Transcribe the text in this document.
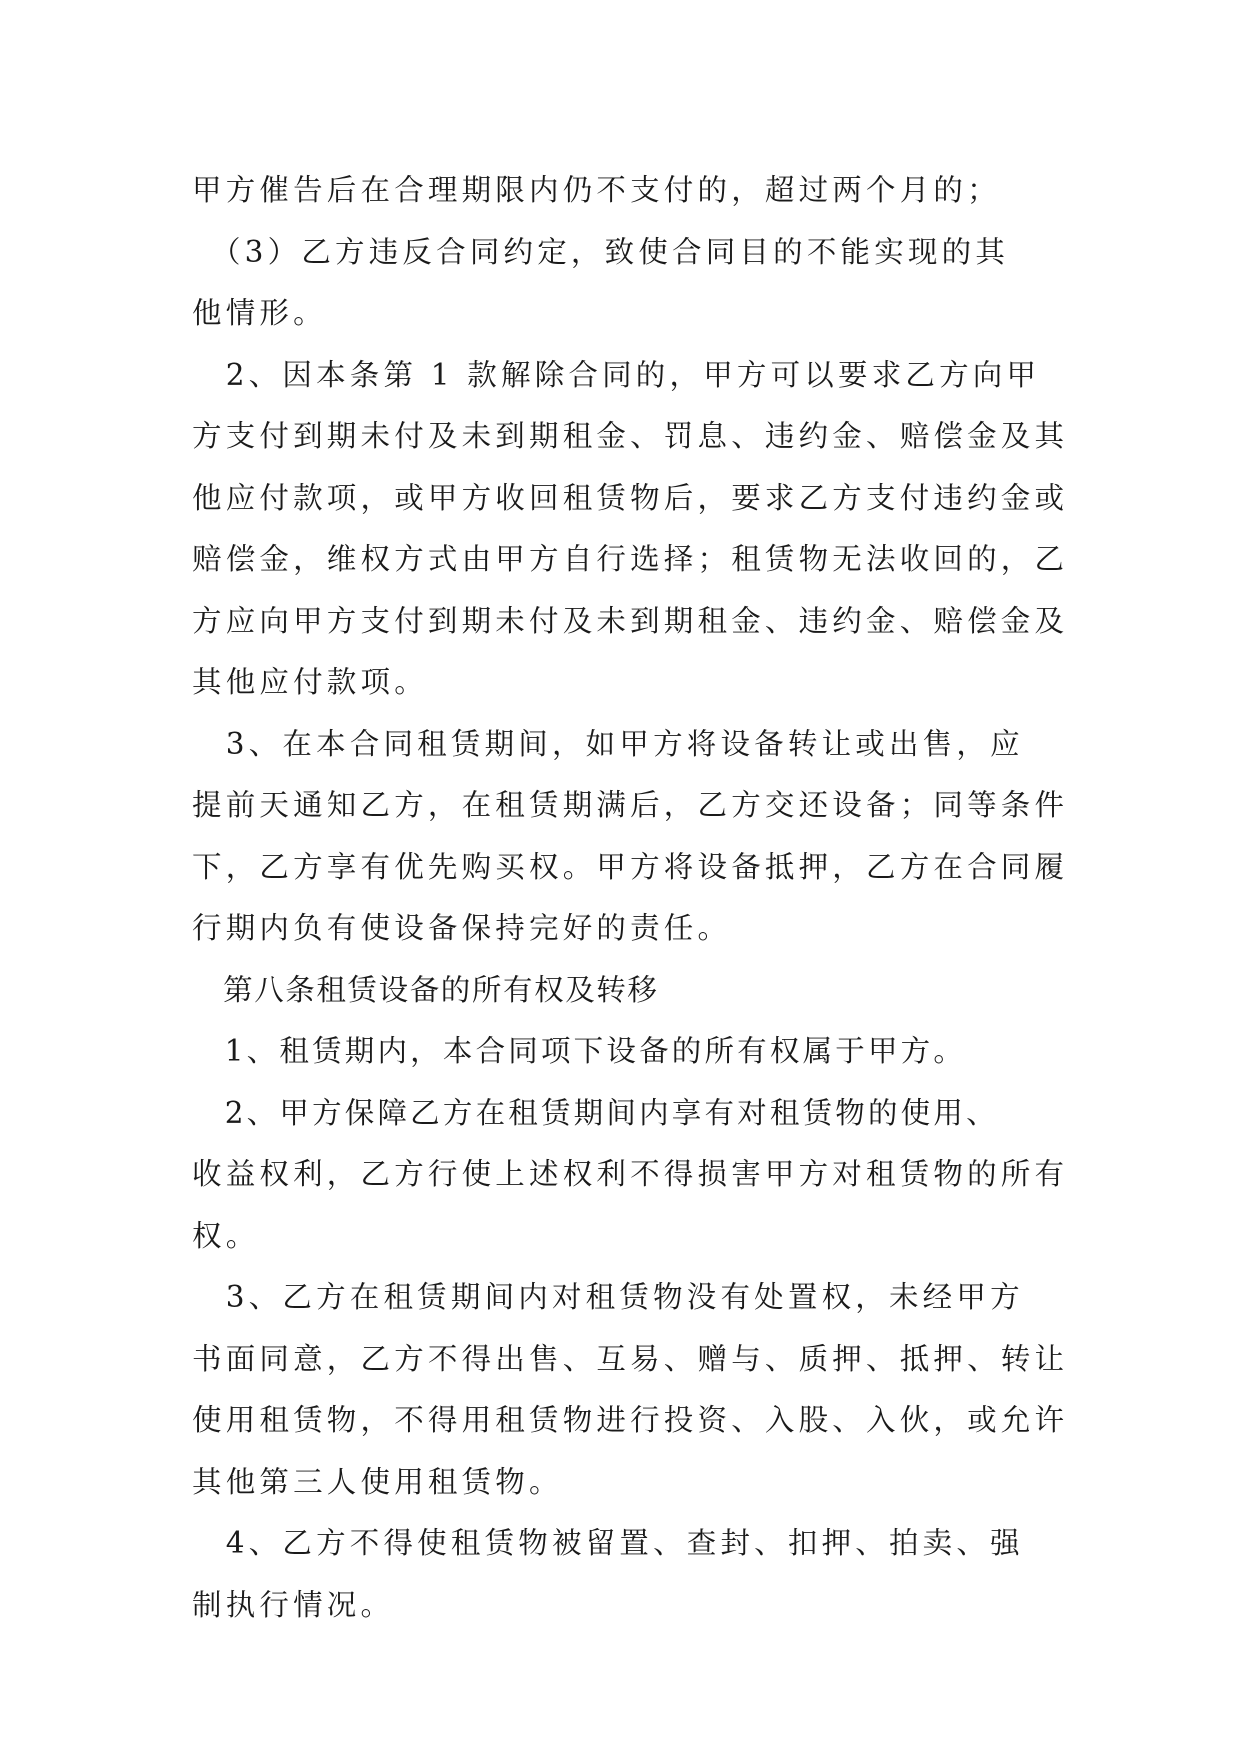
甲方催告后在合理期限内仍不支付的，超过两个月的；
　（3）乙方违反合同约定，致使合同目的不能实现的其
他情形。
　2、因本条第 1 款解除合同的，甲方可以要求乙方向甲
方支付到期未付及未到期租金、罚息、违约金、赔偿金及其
他应付款项，或甲方收回租赁物后，要求乙方支付违约金或
赔偿金，维权方式由甲方自行选择；租赁物无法收回的，乙
方应向甲方支付到期未付及未到期租金、违约金、赔偿金及
其他应付款项。
　3、在本合同租赁期间，如甲方将设备转让或出售，应
提前天通知乙方，在租赁期满后，乙方交还设备；同等条件
下，乙方享有优先购买权。甲方将设备抵押，乙方在合同履
行期内负有使设备保持完好的责任。
　第八条租赁设备的所有权及转移
　1、租赁期内，本合同项下设备的所有权属于甲方。
　2、甲方保障乙方在租赁期间内享有对租赁物的使用、
收益权利，乙方行使上述权利不得损害甲方对租赁物的所有
权。
　3、乙方在租赁期间内对租赁物没有处置权，未经甲方
书面同意，乙方不得出售、互易、赠与、质押、抵押、转让
使用租赁物，不得用租赁物进行投资、入股、入伙，或允许
其他第三人使用租赁物。
　4、乙方不得使租赁物被留置、查封、扣押、拍卖、强
制执行情况。
